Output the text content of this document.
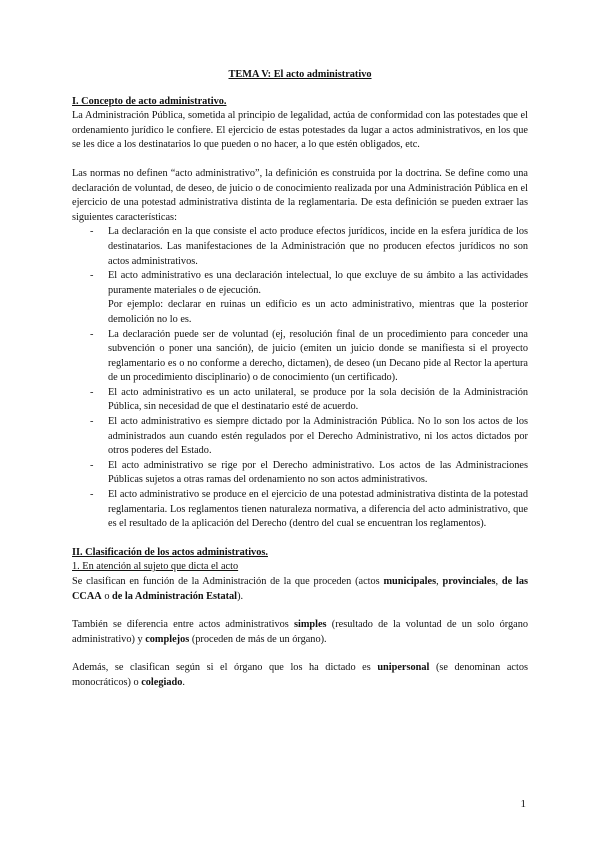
TEMA V: El acto administrativo

I. Concepto de acto administrativo.

La Administración Pública, sometida al principio de legalidad, actúa de conformidad con las potestades que el ordenamiento jurídico le confiere. El ejercicio de estas potestades da lugar a actos administrativos, en los que se les dice a los destinatarios lo que pueden o no hacer, a lo que estén obligados, etc.

Las normas no definen “acto administrativo”, la definición es construida por la doctrina. Se define como una declaración de voluntad, de deseo, de juicio o de conocimiento realizada por una Administración Pública en el ejercicio de una potestad administrativa distinta de la reglamentaria. De esta definición se pueden extraer las siguientes características:

- La declaración en la que consiste el acto produce efectos jurídicos, incide en la esfera jurídica de los destinatarios. Las manifestaciones de la Administración que no producen efectos jurídicos no son actos administrativos.
- El acto administrativo es una declaración intelectual, lo que excluye de su ámbito a las actividades puramente materiales o de ejecución.
Por ejemplo: declarar en ruinas un edificio es un acto administrativo, mientras que la posterior demolición no lo es.
- La declaración puede ser de voluntad (ej, resolución final de un procedimiento para conceder una subvención o poner una sanción), de juicio (emiten un juicio donde se manifiesta si el proyecto reglamentario es o no conforme a derecho, dictamen), de deseo (un Decano pide al Rector la apertura de un procedimiento disciplinario) o de conocimiento (un certificado).
- El acto administrativo es un acto unilateral, se produce por la sola decisión de la Administración Pública, sin necesidad de que el destinatario esté de acuerdo.
- El acto administrativo es siempre dictado por la Administración Pública. No lo son los actos de los administrados aun cuando estén regulados por el Derecho Administrativo, ni los actos dictados por otros poderes del Estado.
- El acto administrativo se rige por el Derecho administrativo. Los actos de las Administraciones Públicas sujetos a otras ramas del ordenamiento no son actos administrativos.
- El acto administrativo se produce en el ejercicio de una potestad administrativa distinta de la potestad reglamentaria. Los reglamentos tienen naturaleza normativa, a diferencia del acto administrativo, que es el resultado de la aplicación del Derecho (dentro del cual se encuentran los reglamentos).
II. Clasificación de los actos administrativos.
1. En atención al sujeto que dicta el acto

Se clasifican en función de la Administración de la que proceden (actos municipales, provinciales, de las CCAA o de la Administración Estatal).

También se diferencia entre actos administrativos simples (resultado de la voluntad de un solo órgano administrativo) y complejos (proceden de más de un órgano).

Además, se clasifican según si el órgano que los ha dictado es unipersonal (se denominan actos monocráticos) o colegiado.

1
